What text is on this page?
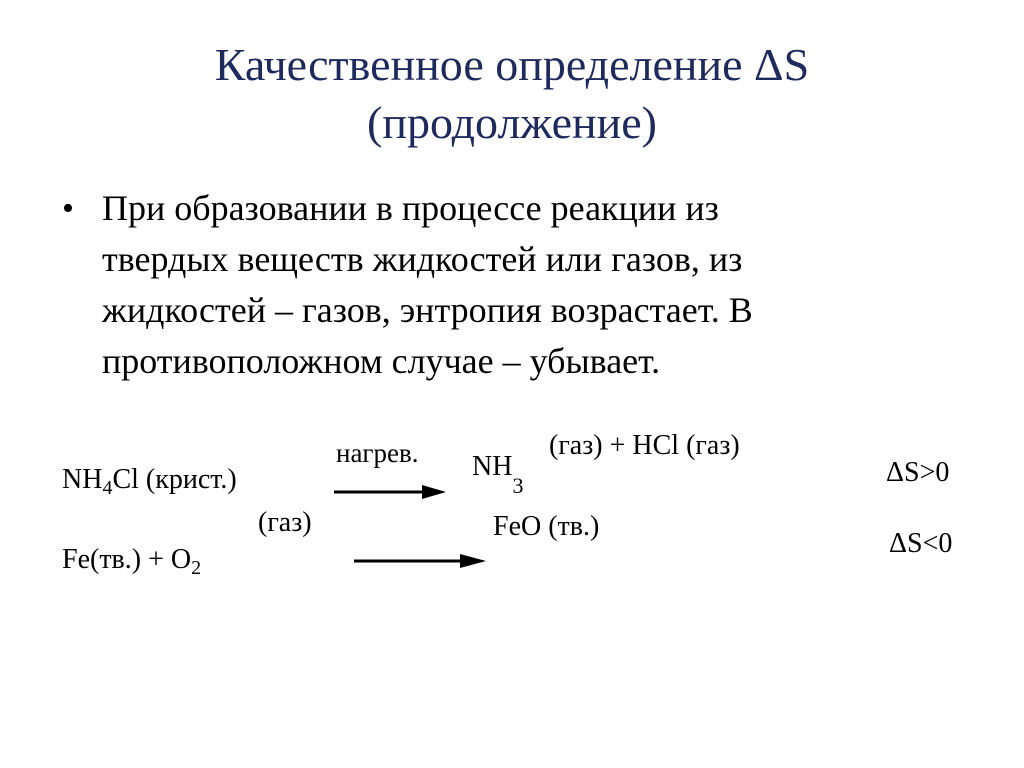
Качественное определение ΔS
(продолжение)
• При образовании в процессе реакции из
твердых веществ жидкостей или газов, из
жидкостей – газов, энтропия возрастает. В
противоположном случае – убывает.
$NH_4Cl$ (крист.)
нагрев. $NH_3$
(газ) + HCl (газ)
ΔS>0
(газ)
$Fe(тв.) + O_2$
FeO (тв.)
ΔS<0
